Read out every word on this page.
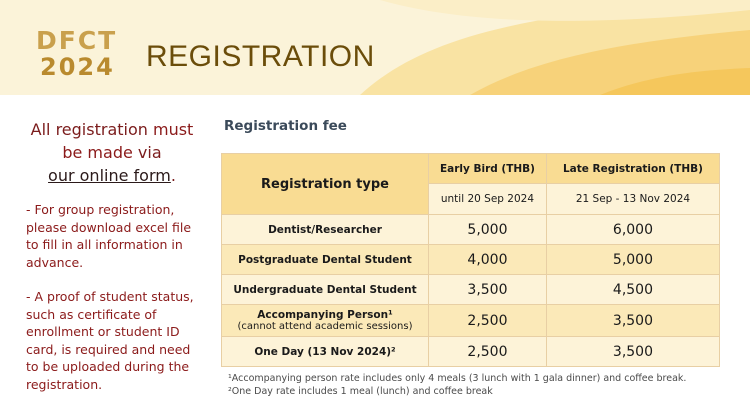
DFCT
2024 REGISTRATION
All registration must
be made via
our online form.

- For group registration, please download excel file to fill in all information in advance.

- A proof of student status, such as certificate of enrollment or student ID card, is required and need to be uploaded during the registration.

Registration fee
Registration type	Early Bird (THB)	Late Registration (THB)
	until 20 Sep 2024	21 Sep - 13 Nov 2024
Dentist/Researcher	5,000	6,000
Postgraduate Dental Student	4,000	5,000
Undergraduate Dental Student	3,500	4,500
Accompanying Person¹
(cannot attend academic sessions)	2,500	3,500
One Day (13 Nov 2024)²	2,500	3,500
¹Accompanying person rate includes only 4 meals (3 lunch with 1 gala dinner) and coffee break.
²One Day rate includes 1 meal (lunch) and coffee break
